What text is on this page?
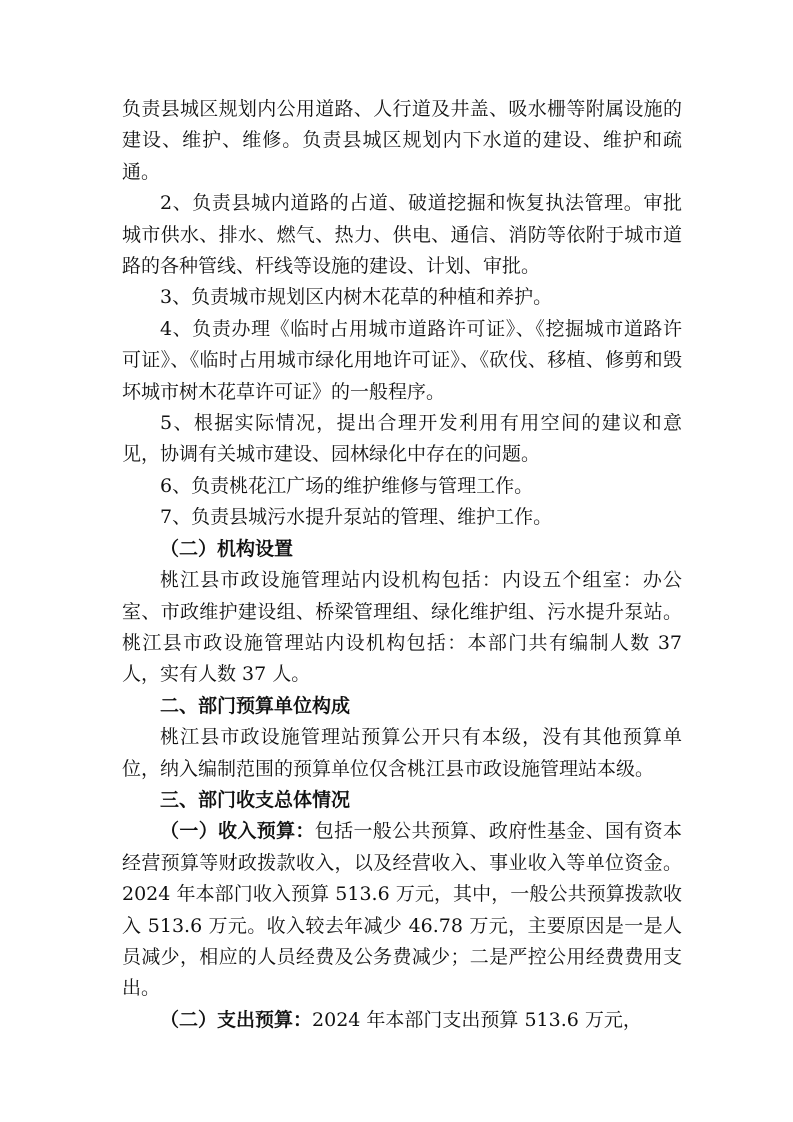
负责县城区规划内公用道路、人行道及井盖、吸水栅等附属设施的建设、维护、维修。负责县城区规划内下水道的建设、维护和疏通。

2、负责县城内道路的占道、破道挖掘和恢复执法管理。审批城市供水、排水、燃气、热力、供电、通信、消防等依附于城市道路的各种管线、杆线等设施的建设、计划、审批。

3、负责城市规划区内树木花草的种植和养护。

4、负责办理《临时占用城市道路许可证》、《挖掘城市道路许可证》、《临时占用城市绿化用地许可证》、《砍伐、移植、修剪和毁坏城市树木花草许可证》的一般程序。

5、根据实际情况，提出合理开发利用有用空间的建议和意见，协调有关城市建设、园林绿化中存在的问题。

6、负责桃花江广场的维护维修与管理工作。

7、负责县城污水提升泵站的管理、维护工作。

（二）机构设置

桃江县市政设施管理站内设机构包括：内设五个组室：办公室、市政维护建设组、桥梁管理组、绿化维护组、污水提升泵站。桃江县市政设施管理站内设机构包括：本部门共有编制人数 37 人，实有人数 37 人。

二、部门预算单位构成

桃江县市政设施管理站预算公开只有本级，没有其他预算单位，纳入编制范围的预算单位仅含桃江县市政设施管理站本级。

三、部门收支总体情况

（一）收入预算：包括一般公共预算、政府性基金、国有资本经营预算等财政拨款收入，以及经营收入、事业收入等单位资金。2024 年本部门收入预算 513.6 万元，其中，一般公共预算拨款收入 513.6 万元。收入较去年减少 46.78 万元，主要原因是一是人员减少，相应的人员经费及公务费减少；二是严控公用经费费用支出。

（二）支出预算：2024 年本部门支出预算 513.6 万元，
